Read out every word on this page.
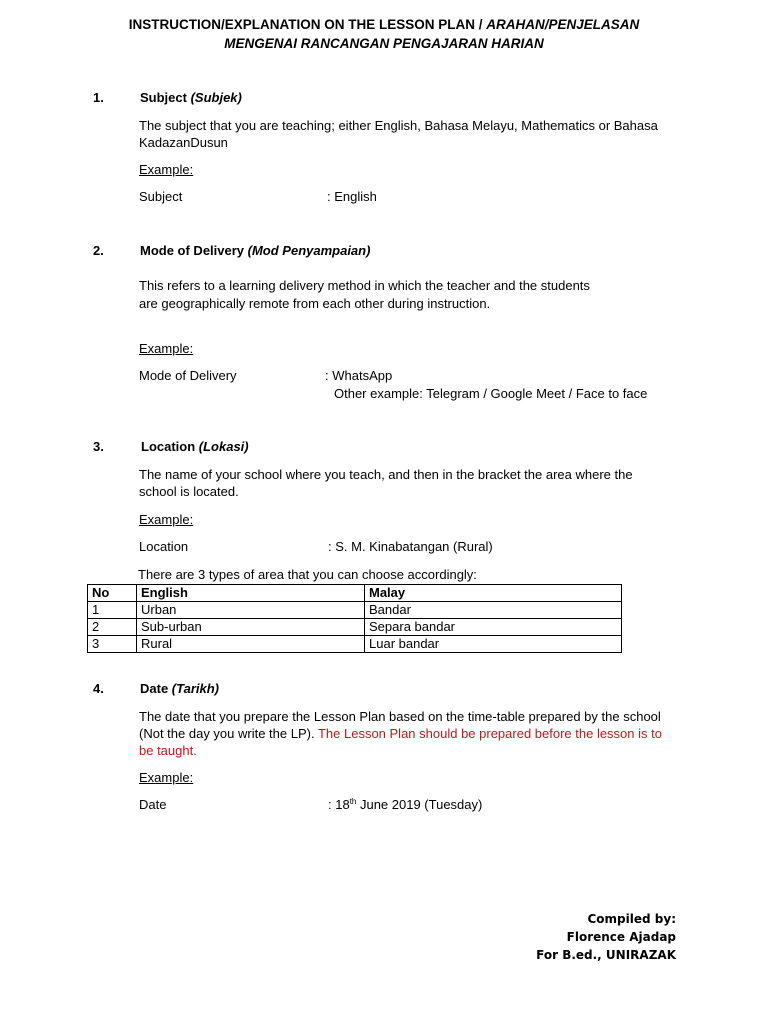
INSTRUCTION/EXPLANATION ON THE LESSON PLAN / ARAHAN/PENJELASAN
MENGENAI RANCANGAN PENGAJARAN HARIAN
1.	Subject (Subjek)
The subject that you are teaching; either English, Bahasa Melayu, Mathematics or Bahasa KadazanDusun
Example:
Subject	: English
2.	Mode of Delivery (Mod Penyampaian)
This refers to a learning delivery method in which the teacher and the students
are geographically remote from each other during instruction.
Example:
Mode of Delivery	: WhatsApp
Other example: Telegram / Google Meet / Face to face
3.	Location (Lokasi)
The name of your school where you teach, and then in the bracket the area where the school is located.
Example:
Location	: S. M. Kinabatangan (Rural)
There are 3 types of area that you can choose accordingly:
No	English	Malay
1	Urban	Bandar
2	Sub-urban	Separa bandar
3	Rural	Luar bandar
4.	Date (Tarikh)
The date that you prepare the Lesson Plan based on the time-table prepared by the school (Not the day you write the LP). The Lesson Plan should be prepared before the lesson is to be taught.
Example:
Date	: 18th June 2019 (Tuesday)
Compiled by:
Florence Ajadap
For B.ed., UNIRAZAK
